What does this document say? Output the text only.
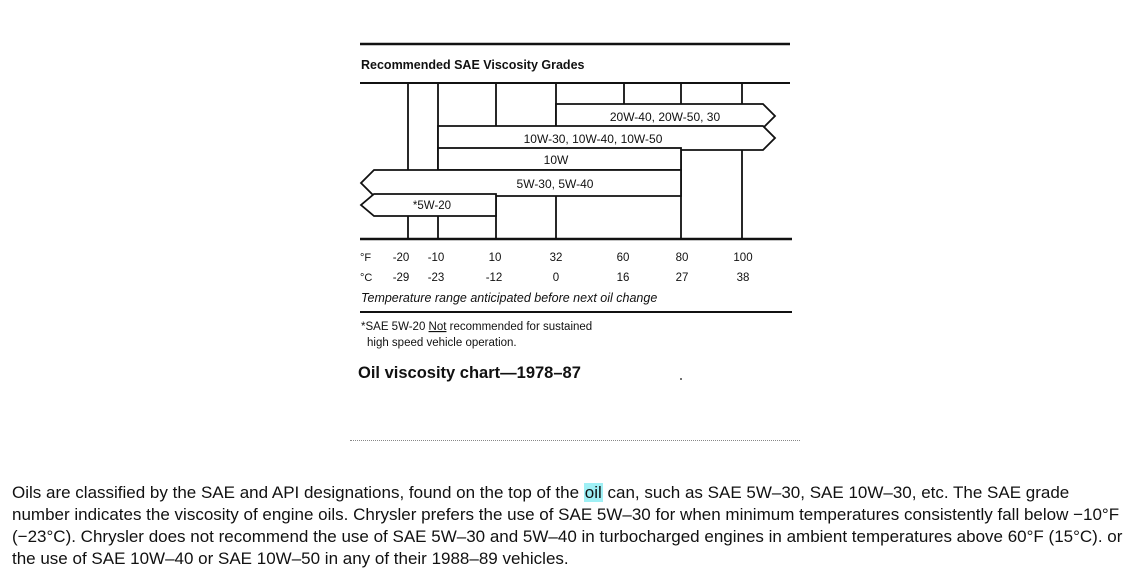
Recommended SAE Viscosity Grades
20W-40, 20W-50, 30
10W-30, 10W-40, 10W-50
10W
5W-30, 5W-40
*5W-20
°F -20 -10	10	32	60	80	100
°C -29 -23	-12	0	16	27	38
Temperature range anticipated before next oil change
*SAE 5W-20 Not recommended for sustained
high speed vehicle operation.
Oil viscosity chart—1978–87

Oils are classified by the SAE and API designations, found on the top of the oil can, such as SAE 5W–30, SAE 10W–30, etc. The SAE grade number indicates the viscosity of engine oils. Chrysler prefers the use of SAE 5W–30 for when minimum temperatures consistently fall below −10°F (−23°C). Chrysler does not recommend the use of SAE 5W–30 and 5W–40 in turbocharged engines in ambient temperatures above 60°F (15°C). or the use of SAE 10W–40 or SAE 10W–50 in any of their 1988–89 vehicles.
